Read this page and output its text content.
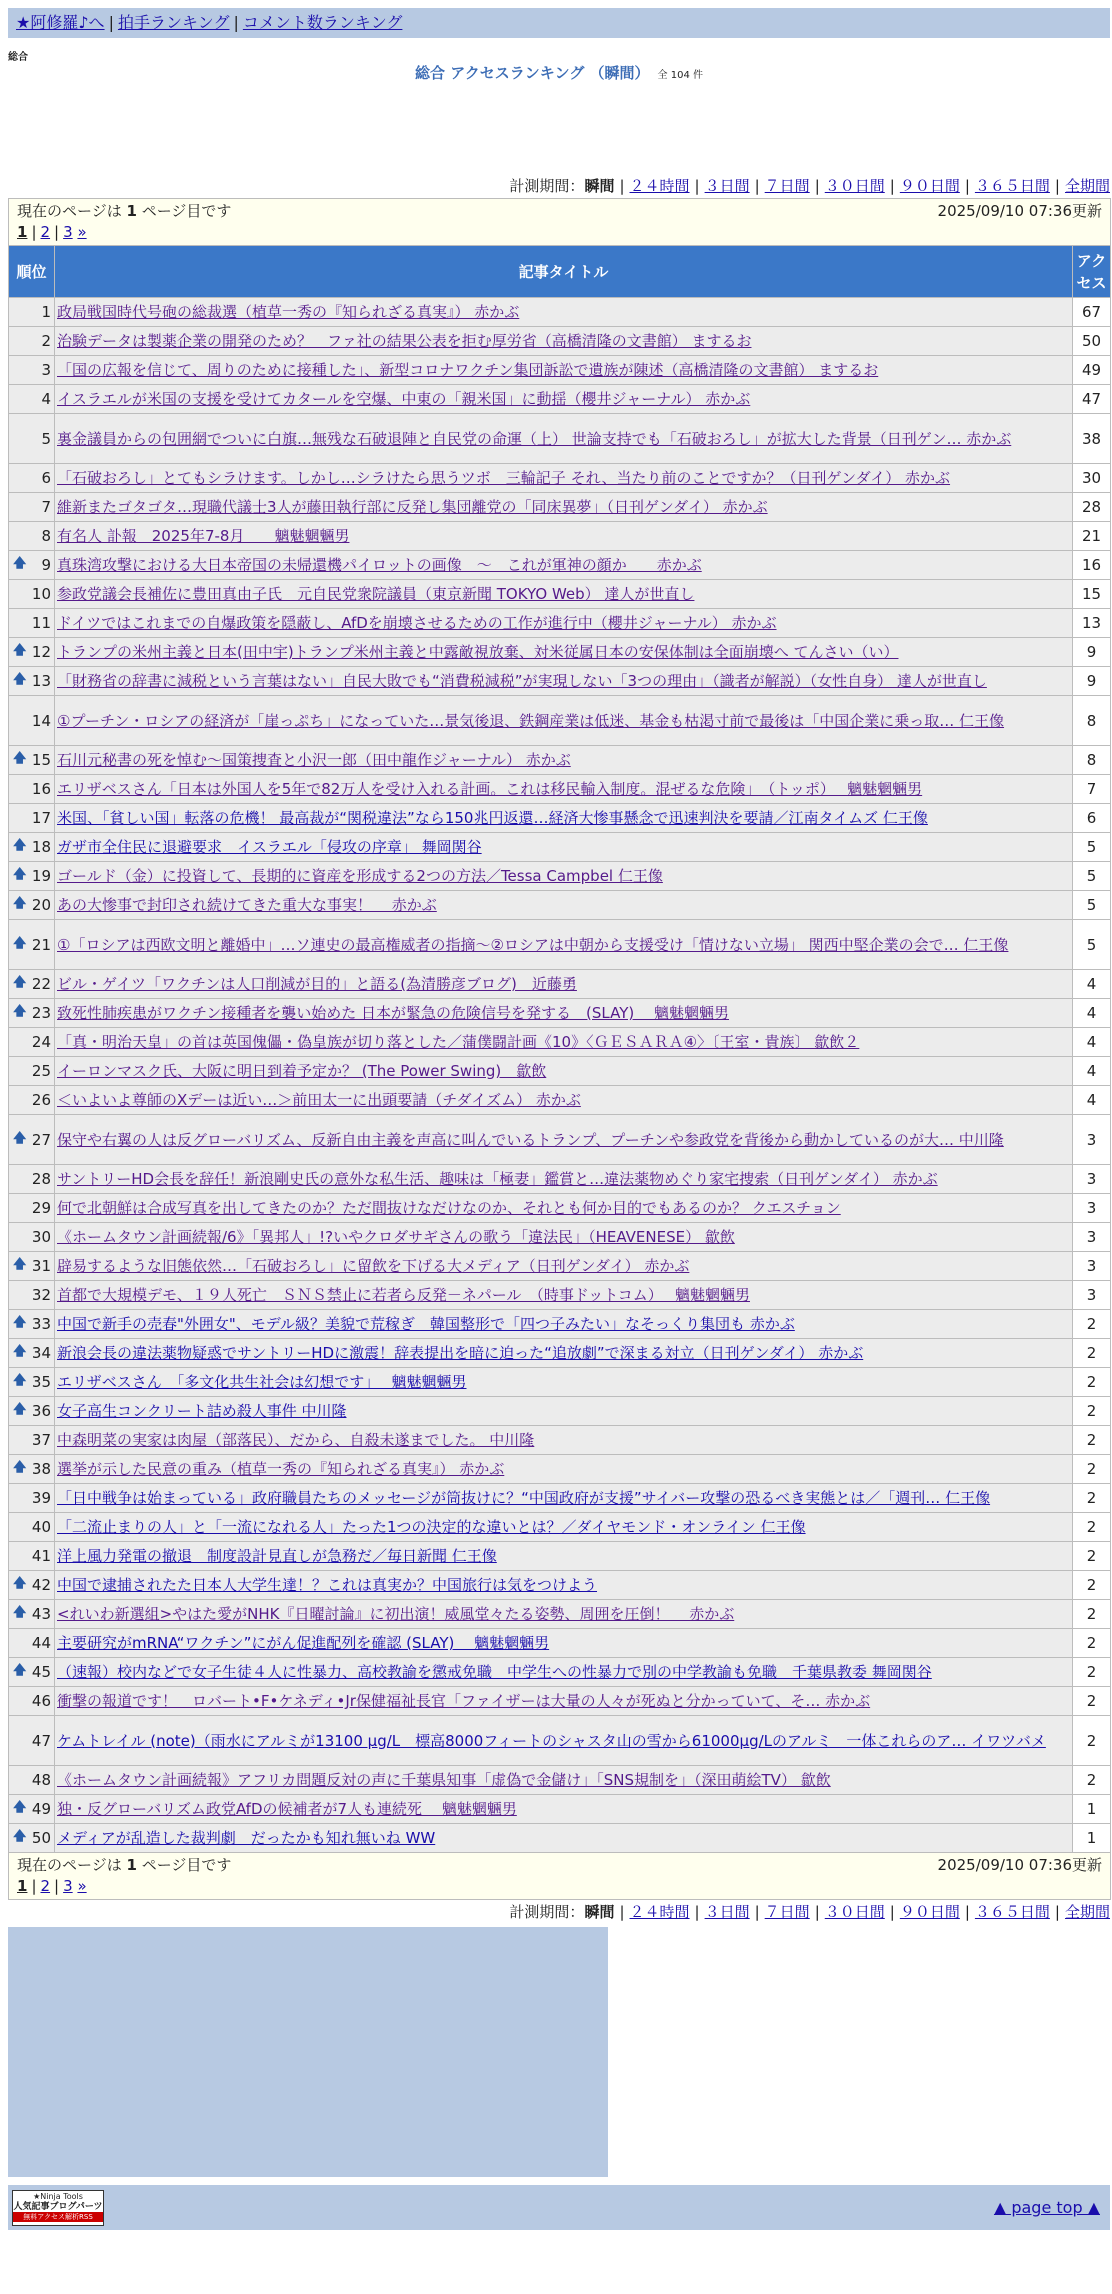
★阿修羅♪へ | 拍手ランキング | コメント数ランキング
総合
総合 アクセスランキング （瞬間） 全 104 件
計測期間：瞬間 | ２４時間 | ３日間 | ７日間 | ３０日間 | ９０日間 | ３６５日間 | 全期間
2025/09/10 07:36更新
現在のページは 1 ページ目です
1 | 2 | 3 »		

順位	記事タイトル	アクセス
1	政局戦国時代号砲の総裁選（植草一秀の『知られざる真実』） 赤かぶ	67
2	治験データは製薬企業の開発のため？　ファ社の結果公表を拒む厚労省（高橋清隆の文書館） まするお	50
3	「国の広報を信じて、周りのために接種した」、新型コロナワクチン集団訴訟で遺族が陳述（高橋清隆の文書館） まするお	49
4	イスラエルが米国の支援を受けてカタールを空爆、中東の「親米国」に動揺（櫻井ジャーナル） 赤かぶ	47
5	裏金議員からの包囲網でついに白旗…無残な石破退陣と自民党の命運（上） 世論支持でも「石破おろし」が拡大した背景（日刊ゲン… 赤かぶ	38
6	「石破おろし」とてもシラけます。しかし…シラけたら思うツボ　三輪記子 それ、当たり前のことですか？（日刊ゲンダイ） 赤かぶ	30
7	維新またゴタゴタ…現職代議士3人が藤田執行部に反発し集団離党の「同床異夢」（日刊ゲンダイ） 赤かぶ	28
8	有名人 訃報　2025年7-8月　　魑魅魍魎男	21

🡅 9	真珠湾攻撃における大日本帝国の未帰還機パイロットの画像　～　これが軍神の顔か　　赤かぶ	16
10	参政党議会長補佐に豊田真由子氏　元自民党衆院議員（東京新聞 TOKYO Web） 達人が世直し	15
11	ドイツではこれまでの自爆政策を隠蔽し、AfDを崩壊させるための工作が進行中（櫻井ジャーナル） 赤かぶ	13

🡅 12	トランプの米州主義と日本(田中宇)トランプ米州主義と中露敵視放棄、対米従属日本の安保体制は全面崩壊へ てんさい（い）	9

🡅 13	「財務省の辞書に減税という言葉はない」自民大敗でも“消費税減税”が実現しない「3つの理由」（識者が解説）（女性自身） 達人が世直し	9
14	①プーチン・ロシアの経済が「崖っぷち」になっていた…景気後退、鉄鋼産業は低迷、基金も枯渇寸前で最後は「中国企業に乗っ取… 仁王像	8

🡅 15	石川元秘書の死を悼む〜国策捜査と小沢一郎（田中龍作ジャーナル） 赤かぶ	8
16	エリザベスさん「日本は外国人を5年で82万人を受け入れる計画。これは移民輸入制度。混ぜるな危険」　（トッポ）　 魑魅魍魎男	7
17	米国、「貧しい国」転落の危機！ 最高裁が“関税違法”なら150兆円返還…経済大惨事懸念で迅速判決を要請／江南タイムズ 仁王像	6

🡅 18	ガザ市全住民に退避要求　イスラエル「侵攻の序章」 舞岡関谷	5

🡅 19	ゴールド（金）に投資して、長期的に資産を形成する2つの方法／Tessa Campbel 仁王像	5

🡅 20	あの大惨事で封印され続けてきた重大な事実！　 赤かぶ	5

🡅 21	①「ロシアは西欧文明と離婚中」…ソ連史の最高権威者の指摘～②ロシアは中朝から支援受け「情けない立場」 関西中堅企業の会で… 仁王像	5

🡅 22	ビル・ゲイツ「ワクチンは人口削減が目的」と語る(為清勝彦ブログ)　近藤勇	4

🡅 23	致死性肺疾患がワクチン接種者を襲い始めた 日本が緊急の危険信号を発する　(SLAY)　 魑魅魍魎男	4
24	「真・明治天皇」の首は英国傀儡・偽皇族が切り落とした／蒲僕闘計画《10》〈ＧＥＳＡＲＡ④〉〔王室・貴族〕 歙飲２	4
25	イーロンマスク氏、大阪に明日到着予定か？ (The Power Swing)　歙飲	4
26	＜いよいよ尊師のXデーは近い…＞前田太一に出頭要請（チダイズム） 赤かぶ	4

🡅 27	保守や右翼の人は反グローバリズム、反新自由主義を声高に叫んでいるトランプ、プーチンや参政党を背後から動かしているのが大… 中川隆	3
28	サントリーHD会長を辞任！新浪剛史氏の意外な私生活、趣味は「極妻」鑑賞と…違法薬物めぐり家宅捜索（日刊ゲンダイ） 赤かぶ	3
29	何で北朝鮮は合成写真を出してきたのか？ただ間抜けなだけなのか、それとも何か目的でもあるのか？ クエスチョン	3
30	《ホームタウン計画続報/6》「異邦人」!?いやクロダサギさんの歌う「違法民」（HEAVENESE） 歙飲	3

🡅 31	辟易するような旧態依然…「石破おろし」に留飲を下げる大メディア（日刊ゲンダイ） 赤かぶ	3
32	首都で大規模デモ、１９人死亡　ＳＮＳ禁止に若者ら反発－ネパール　（時事ドットコム）　 魑魅魍魎男	3

🡅 33	中国で新手の売春"外囲女"、モデル級？美貌で荒稼ぎ　韓国整形で「四つ子みたい」なそっくり集団も 赤かぶ	2

🡅 34	新浪会長の違法薬物疑惑でサントリーHDに激震！辞表提出を暗に迫った“追放劇”で深まる対立（日刊ゲンダイ） 赤かぶ	2

🡅 35	エリザベスさん　「多文化共生社会は幻想です」　 魑魅魍魎男	2

🡅 36	女子高生コンクリート詰め殺人事件 中川隆	2
37	中森明菜の実家は肉屋（部落民）、だから、自殺未遂までした。 中川隆	2

🡅 38	選挙が示した民意の重み（植草一秀の『知られざる真実』） 赤かぶ	2
39	「日中戦争は始まっている」政府職員たちのメッセージが筒抜けに？“中国政府が支援”サイバー攻撃の恐るべき実態とは／「週刊… 仁王像	2
40	「二流止まりの人」と「一流になれる人」たった1つの決定的な違いとは？／ダイヤモンド・オンライン 仁王像	2
41	洋上風力発電の撤退　制度設計見直しが急務だ／毎日新聞 仁王像	2

🡅 42	中国で逮捕されたた日本人大学生達！？これは真実か？中国旅行は気をつけよう	2

🡅 43	<れいわ新選組>やはた愛がNHK『日曜討論』に初出演！威風堂々たる姿勢、周囲を圧倒！　 赤かぶ	2
44	主要研究がmRNA“ワクチン”にがん促進配列を確認 (SLAY)　 魑魅魍魎男	2

🡅 45	（速報）校内などで女子生徒４人に性暴力、高校教諭を懲戒免職　中学生への性暴力で別の中学教諭も免職　千葉県教委 舞岡関谷	2
46	衝撃の報道です！　ロバート•F•ケネディ•Jr保健福祉長官「ファイザーは大量の人々が死ぬと分かっていて、そ… 赤かぶ	2
47	ケムトレイル (note)（雨水にアルミが13100 μg/L　標高8000フィートのシャスタ山の雪から61000μg/Lのアルミ　一体これらのア… イワツバメ	2
48	《ホームタウン計画続報》アフリカ問題反対の声に千葉県知事「虚偽で金儲け」「SNS規制を」（深田萌絵TV） 歙飲	2

🡅 49	独・反グローバリズム政党AfDの候補者が7人も連続死　 魑魅魍魎男	1

🡅 50	メディアが乱造した裁判劇　だったかも知れ無いね WW	1

2025/09/10 07:36更新
現在のページは 1 ページ目です
1 | 2 | 3 »		
計測期間：瞬間 | ２４時間 | ３日間 | ７日間 | ３０日間 | ９０日間 | ３６５日間 | 全期間
★Ninja Tools
人気記事ブログパーツ
無料アクセス解析RSS	▲ page top ▲
